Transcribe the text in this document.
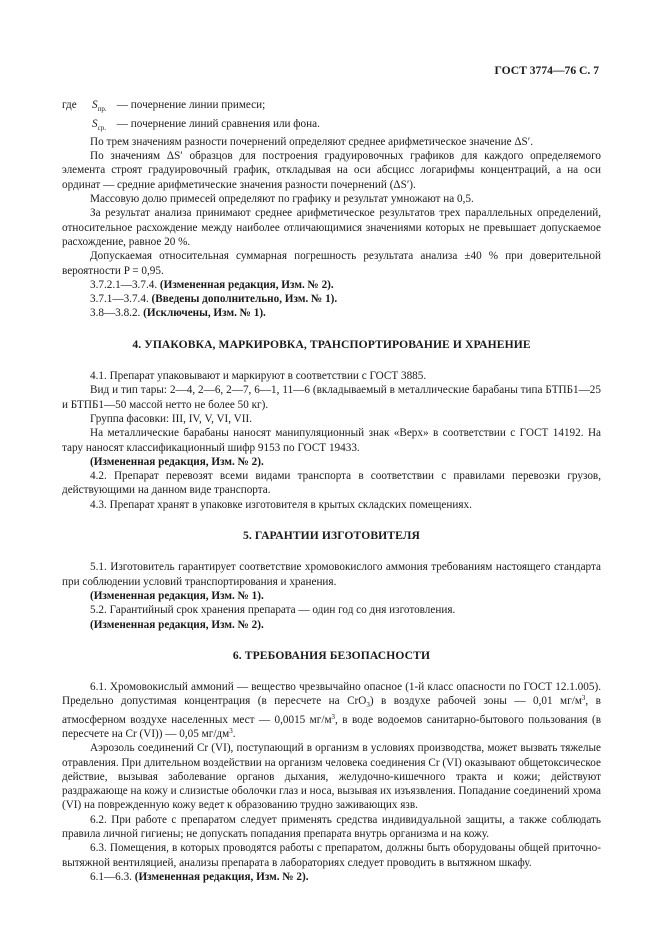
ГОСТ 3774—76 С. 7
где $S_{пр.}$ — почернение линии примеси;

$S_{ср.}$ — почернение линий сравнения или фона.

По трем значениям разности почернений определяют среднее арифметическое значение ΔS′.

По значениям ΔS′ образцов для построения градуировочных графиков для каждого определяемого элемента строят градуировочный график, откладывая на оси абсцисс логарифмы концентраций, а на оси ординат — средние арифметические значения разности почернений (ΔS′).

Массовую долю примесей определяют по графику и результат умножают на 0,5.

За результат анализа принимают среднее арифметическое результатов трех параллельных определений, относительное расхождение между наиболее отличающимися значениями которых не превышает допускаемое расхождение, равное 20 %.

Допускаемая относительная суммарная погрешность результата анализа ±40 % при доверительной вероятности P = 0,95.

3.7.2.1—3.7.4. (Измененная редакция, Изм. № 2).

3.7.1—3.7.4. (Введены дополнительно, Изм. № 1).

3.8—3.8.2. (Исключены, Изм. № 1).

4. УПАКОВКА, МАРКИРОВКА, ТРАНСПОРТИРОВАНИЕ И ХРАНЕНИЕ

4.1. Препарат упаковывают и маркируют в соответствии с ГОСТ 3885.

Вид и тип тары: 2—4, 2—6, 2—7, 6—1, 11—6 (вкладываемый в металлические барабаны типа БТПБ1—25 и БТПБ1—50 массой нетто не более 50 кг).

Группа фасовки: III, IV, V, VI, VII.

На металлические барабаны наносят манипуляционный знак «Верх» в соответствии с ГОСТ 14192. На тару наносят классификационный шифр 9153 по ГОСТ 19433.

(Измененная редакция, Изм. № 2).

4.2. Препарат перевозят всеми видами транспорта в соответствии с правилами перевозки грузов, действующими на данном виде транспорта.

4.3. Препарат хранят в упаковке изготовителя в крытых складских помещениях.

5. ГАРАНТИИ ИЗГОТОВИТЕЛЯ

5.1. Изготовитель гарантирует соответствие хромовокислого аммония требованиям настоящего стандарта при соблюдении условий транспортирования и хранения.

(Измененная редакция, Изм. № 1).

5.2. Гарантийный срок хранения препарата — один год со дня изготовления.

(Измененная редакция, Изм. № 2).

6. ТРЕБОВАНИЯ БЕЗОПАСНОСТИ

6.1. Хромовокислый аммоний — вещество чрезвычайно опасное (1-й класс опасности по ГОСТ 12.1.005). Предельно допустимая концентрация (в пересчете на CrO$_3$) в воздухе рабочей зоны — 0,01 $мг/м^3$, в атмосферном воздухе населенных мест — 0,0015 $мг/м^3$, в воде водоемов санитарно-бытового пользования (в пересчете на Cr (VI)) — 0,05 $мг/дм^3$.

Аэрозоль соединений Cr (VI), поступающий в организм в условиях производства, может вызвать тяжелые отравления. При длительном воздействии на организм человека соединения Cr (VI) оказывают общетоксическое действие, вызывая заболевание органов дыхания, желудочно-кишечного тракта и кожи; действуют раздражающе на кожу и слизистые оболочки глаз и носа, вызывая их изъязвления. Попадание соединений хрома (VI) на поврежденную кожу ведет к образованию трудно заживающих язв.

6.2. При работе с препаратом следует применять средства индивидуальной защиты, а также соблюдать правила личной гигиены; не допускать попадания препарата внутрь организма и на кожу.

6.3. Помещения, в которых проводятся работы с препаратом, должны быть оборудованы общей приточно-вытяжной вентиляцией, анализы препарата в лабораториях следует проводить в вытяжном шкафу.

6.1—6.3. (Измененная редакция, Изм. № 2).
